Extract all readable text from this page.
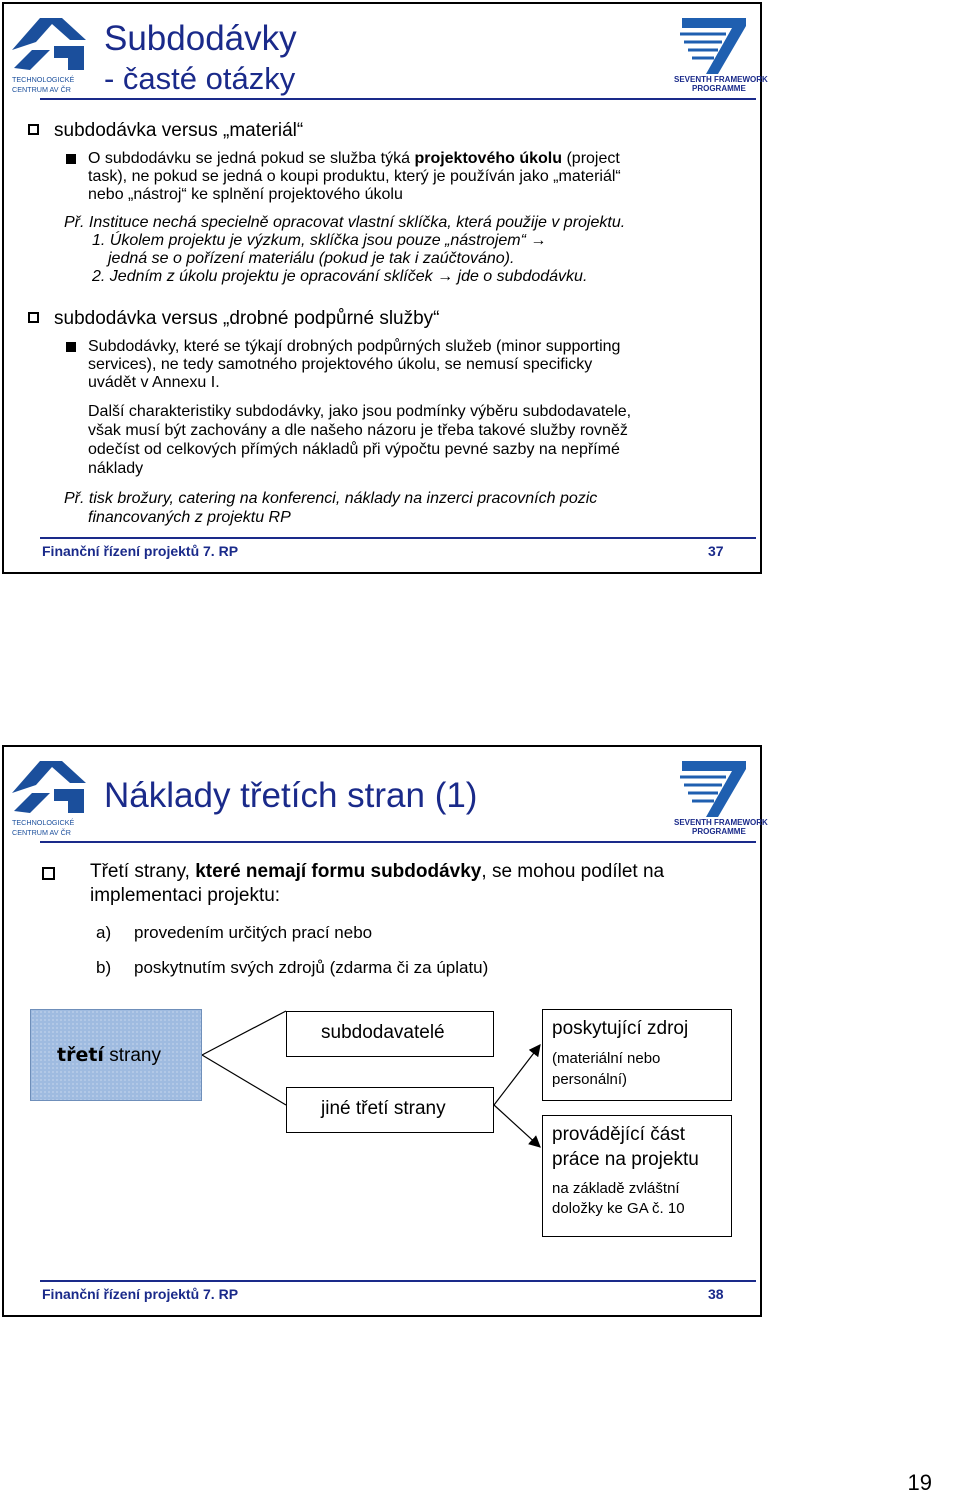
TECHNOLOGICKÉ
CENTRUM AV ČR
Subdodávky
- časté otázky	SEVENTH FRAMEWORK
PROGRAMME
subdodávka versus „materiál“
O subdodávku se jedná pokud se služba týká projektového úkolu (project
task), ne pokud se jedná o koupi produktu, který je používán jako „materiál“
nebo „nástroj“ ke splnění projektového úkolu
Př. Instituce nechá specielně opracovat vlastní sklíčka, která použije v projektu.
1. Úkolem projektu je výzkum, sklíčka jsou pouze „nástrojem“ →
jedná se o pořízení materiálu (pokud je tak i zaúčtováno).
2. Jedním z úkolu projektu je opracování sklíček → jde o subdodávku.
subdodávka versus „drobné podpůrné služby“
Subdodávky, které se týkají drobných podpůrných služeb (minor supporting
services), ne tedy samotného projektového úkolu, se nemusí specificky
uvádět v Annexu I.
Další charakteristiky subdodávky, jako jsou podmínky výběru subdodavatele,
však musí být zachovány a dle našeho názoru je třeba takové služby rovněž
odečíst od celkových přímých nákladů při výpočtu pevné sazby na nepřímé
náklady
Př. tisk brožury, catering na konferenci, náklady na inzerci pracovních pozic
financovaných z projektu RP
Finanční řízení projektů 7. RP	37
TECHNOLOGICKÉ
CENTRUM AV ČR
Náklady třetích stran (1)
SEVENTH FRAMEWORK
PROGRAMME
Třetí strany, které nemají formu subdodávky, se mohou podílet na
implementaci projektu:
a) provedením určitých prací nebo
b) poskytnutím svých zdrojů (zdarma či za úplatu)
třetí strany
subdodavatelé
jiné třetí strany
poskytující zdroj
(materiální nebo
personální)
provádějící část
práce na projektu
na základě zvláštní
doložky ke GA č. 10
Finanční řízení projektů 7. RP	38
19
